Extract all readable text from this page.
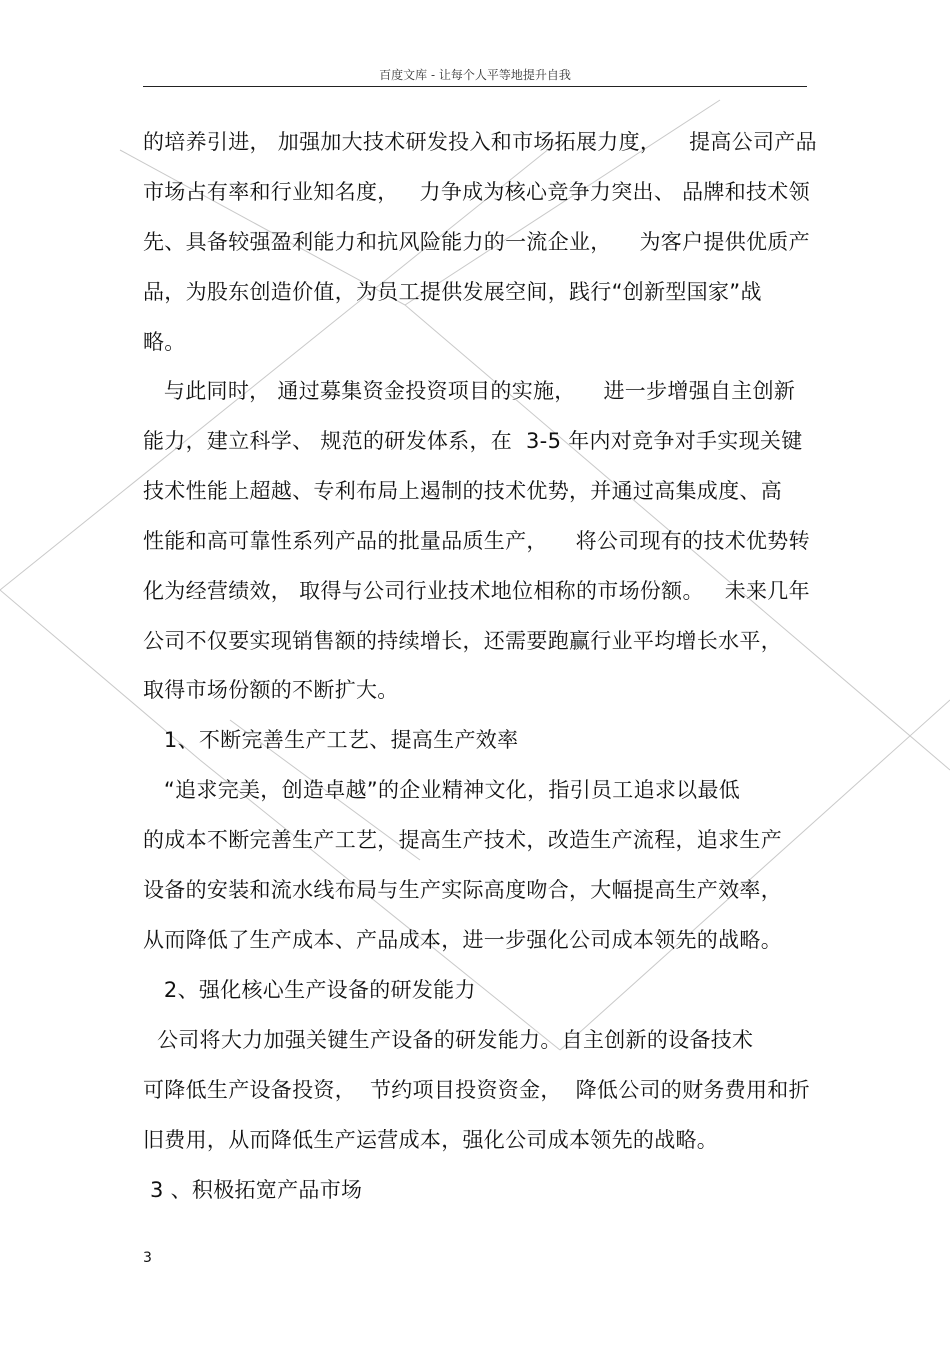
百度文库 - 让每个人平等地提升自我
的培养引进， 加强加大技术研发投入和市场拓展力度，    提高公司产品
市场占有率和行业知名度，   力争成为核心竞争力突出、 品牌和技术领
先、具备较强盈利能力和抗风险能力的一流企业，    为客户提供优质产
品，为股东创造价值，为员工提供发展空间，践行“创新型国家”战
略。
与此同时， 通过募集资金投资项目的实施，    进一步增强自主创新
能力，建立科学、 规范的研发体系，在  3-5 年内对竞争对手实现关键
技术性能上超越、专利布局上遏制的技术优势，并通过高集成度、高
性能和高可靠性系列产品的批量品质生产，    将公司现有的技术优势转
化为经营绩效， 取得与公司行业技术地位相称的市场份额。   未来几年
公司不仅要实现销售额的持续增长，还需要跑赢行业平均增长水平，
取得市场份额的不断扩大。
1、不断完善生产工艺、提高生产效率
“追求完美，创造卓越”的企业精神文化，指引员工追求以最低
的成本不断完善生产工艺，提高生产技术，改造生产流程，追求生产
设备的安装和流水线布局与生产实际高度吻合，大幅提高生产效率，
从而降低了生产成本、产品成本，进一步强化公司成本领先的战略。
2、强化核心生产设备的研发能力
公司将大力加强关键生产设备的研发能力。自主创新的设备技术
可降低生产设备投资，  节约项目投资资金，  降低公司的财务费用和折
旧费用，从而降低生产运营成本，强化公司成本领先的战略。
3 、积极拓宽产品市场
3
